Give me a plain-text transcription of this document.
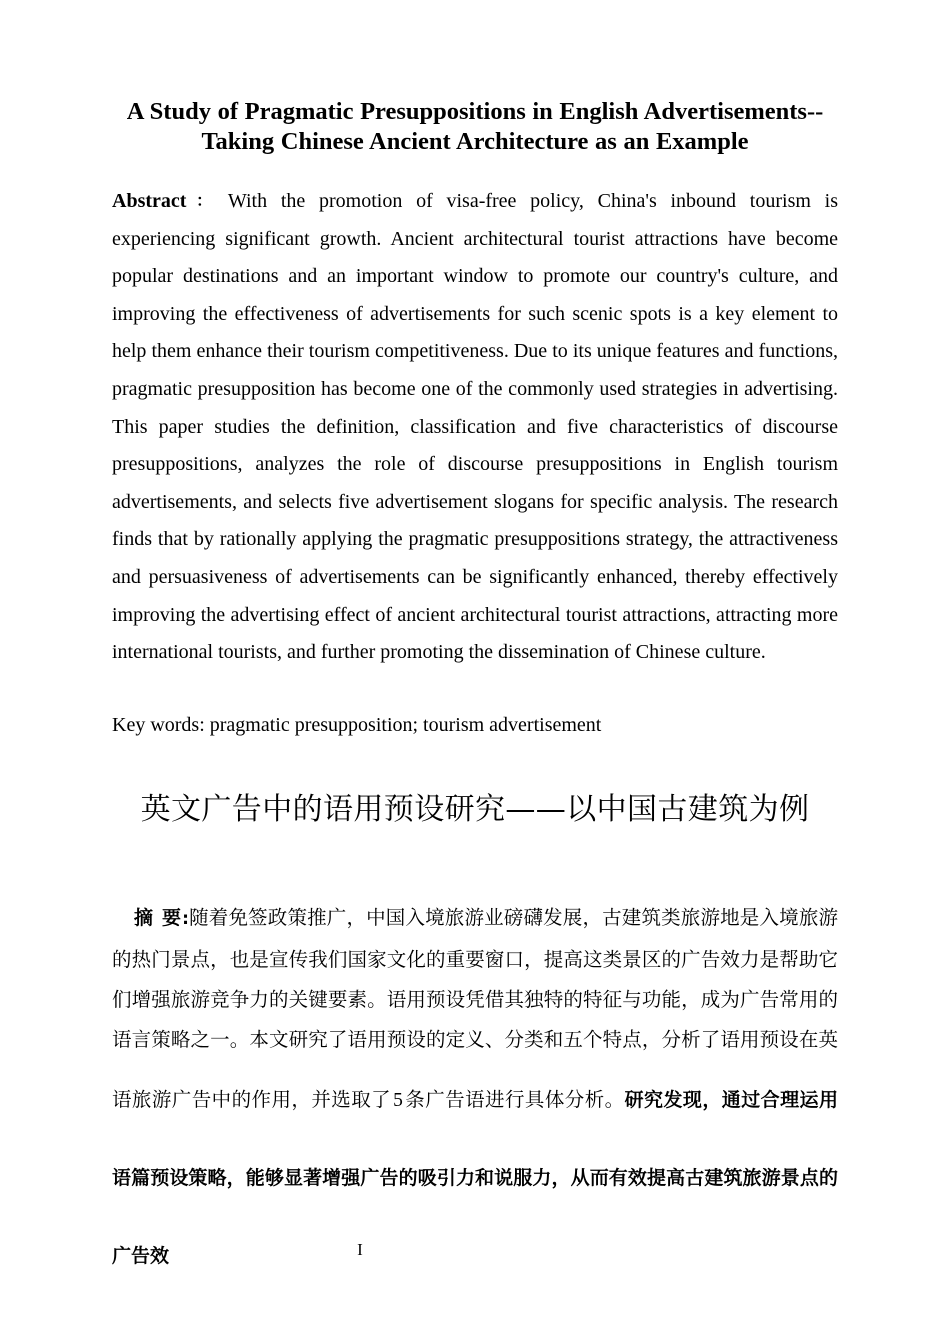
A Study of Pragmatic Presuppositions in English Advertisements--Taking Chinese Ancient Architecture as an Example

Abstract： With the promotion of visa-free policy, China's inbound tourism is experiencing significant growth. Ancient architectural tourist attractions have become popular destinations and an important window to promote our country's culture, and improving the effectiveness of advertisements for such scenic spots is a key element to help them enhance their tourism competitiveness. Due to its unique features and functions, pragmatic presupposition has become one of the commonly used strategies in advertising. This paper studies the definition, classification and five characteristics of discourse presuppositions, analyzes the role of discourse presuppositions in English tourism advertisements, and selects five advertisement slogans for specific analysis. The research finds that by rationally applying the pragmatic presuppositions strategy, the attractiveness and persuasiveness of advertisements can be significantly enhanced, thereby effectively improving the advertising effect of ancient architectural tourist attractions, attracting more international tourists, and further promoting the dissemination of Chinese culture.

Key words: pragmatic presupposition; tourism advertisement

英文广告中的语用预设研究——以中国古建筑为例

摘 要:随着免签政策推广，中国入境旅游业磅礴发展，古建筑类旅游地是入境旅游的热门景点，也是宣传我们国家文化的重要窗口，提高这类景区的广告效力是帮助它们增强旅游竞争力的关键要素。语用预设凭借其独特的特征与功能，成为广告常用的语言策略之一。本文研究了语用预设的定义、分类和五个特点，分析了语用预设在英语旅游广告中的作用，并选取了 5 条广告语进行具体分析。研究发现，通过合理运用语篇预设策略，能够显著增强广告的吸引力和说服力，从而有效提高古建筑旅游景点的广告效	I
